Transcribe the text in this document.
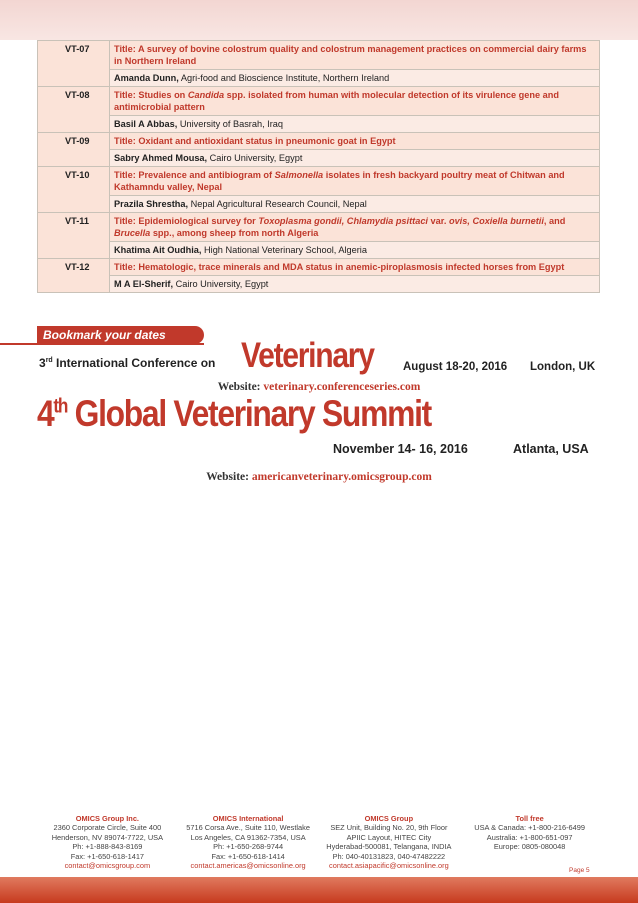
VT-07	Title: A survey of bovine colostrum quality and colostrum management practices on commercial dairy farms in Northern Ireland
	Amanda Dunn, Agri-food and Bioscience Institute, Northern Ireland
VT-08	Title: Studies on Candida spp. isolated from human with molecular detection of its virulence gene and antimicrobial pattern
	Basil A Abbas, University of Basrah, Iraq
VT-09	Title: Oxidant and antioxidant status in pneumonic goat in Egypt
	Sabry Ahmed Mousa, Cairo University, Egypt
VT-10	Title: Prevalence and antibiogram of Salmonella isolates in fresh backyard poultry meat of Chitwan and Kathamndu valley, Nepal
	Prazila Shrestha, Nepal Agricultural Research Council, Nepal
VT-11	Title: Epidemiological survey for Toxoplasma gondii, Chlamydia psittaci var. ovis, Coxiella burnetii, and Brucella spp., among sheep from north Algeria
	Khatima Ait Oudhia, High National Veterinary School, Algeria
VT-12	Title: Hematologic, trace minerals and MDA status in anemic-piroplasmosis infected horses from Egypt
	M A El-Sherif, Cairo University, Egypt
Bookmark your dates
3rd International Conference on Veterinary	August 18-20, 2016 London, UK
Website: veterinary.conferenceseries.com
4th Global Veterinary Summit
November 14- 16, 2016	Atlanta, USA
Website: americanveterinary.omicsgroup.com
OMICS Group Inc.
2360 Corporate Circle, Suite 400
Henderson, NV 89074-7722, USA
Ph: +1-888-843-8169
Fax: +1-650-618-1417
contact@omicsgroup.com
OMICS International
5716 Corsa Ave., Suite 110, Westlake
Los Angeles, CA 91362-7354, USA
Ph: +1-650-268-9744
Fax: +1-650-618-1414
contact.americas@omicsonline.org
OMICS Group
SEZ Unit, Building No. 20, 9th Floor
APIIC Layout, HITEC City
Hyderabad-500081, Telangana, INDIA
Ph: 040-40131823, 040-47482222
contact.asiapacific@omicsonline.org
Toll free
USA & Canada: +1-800-216-6499
Australia: +1-800-651-097
Europe: 0805-080048
Page 5
